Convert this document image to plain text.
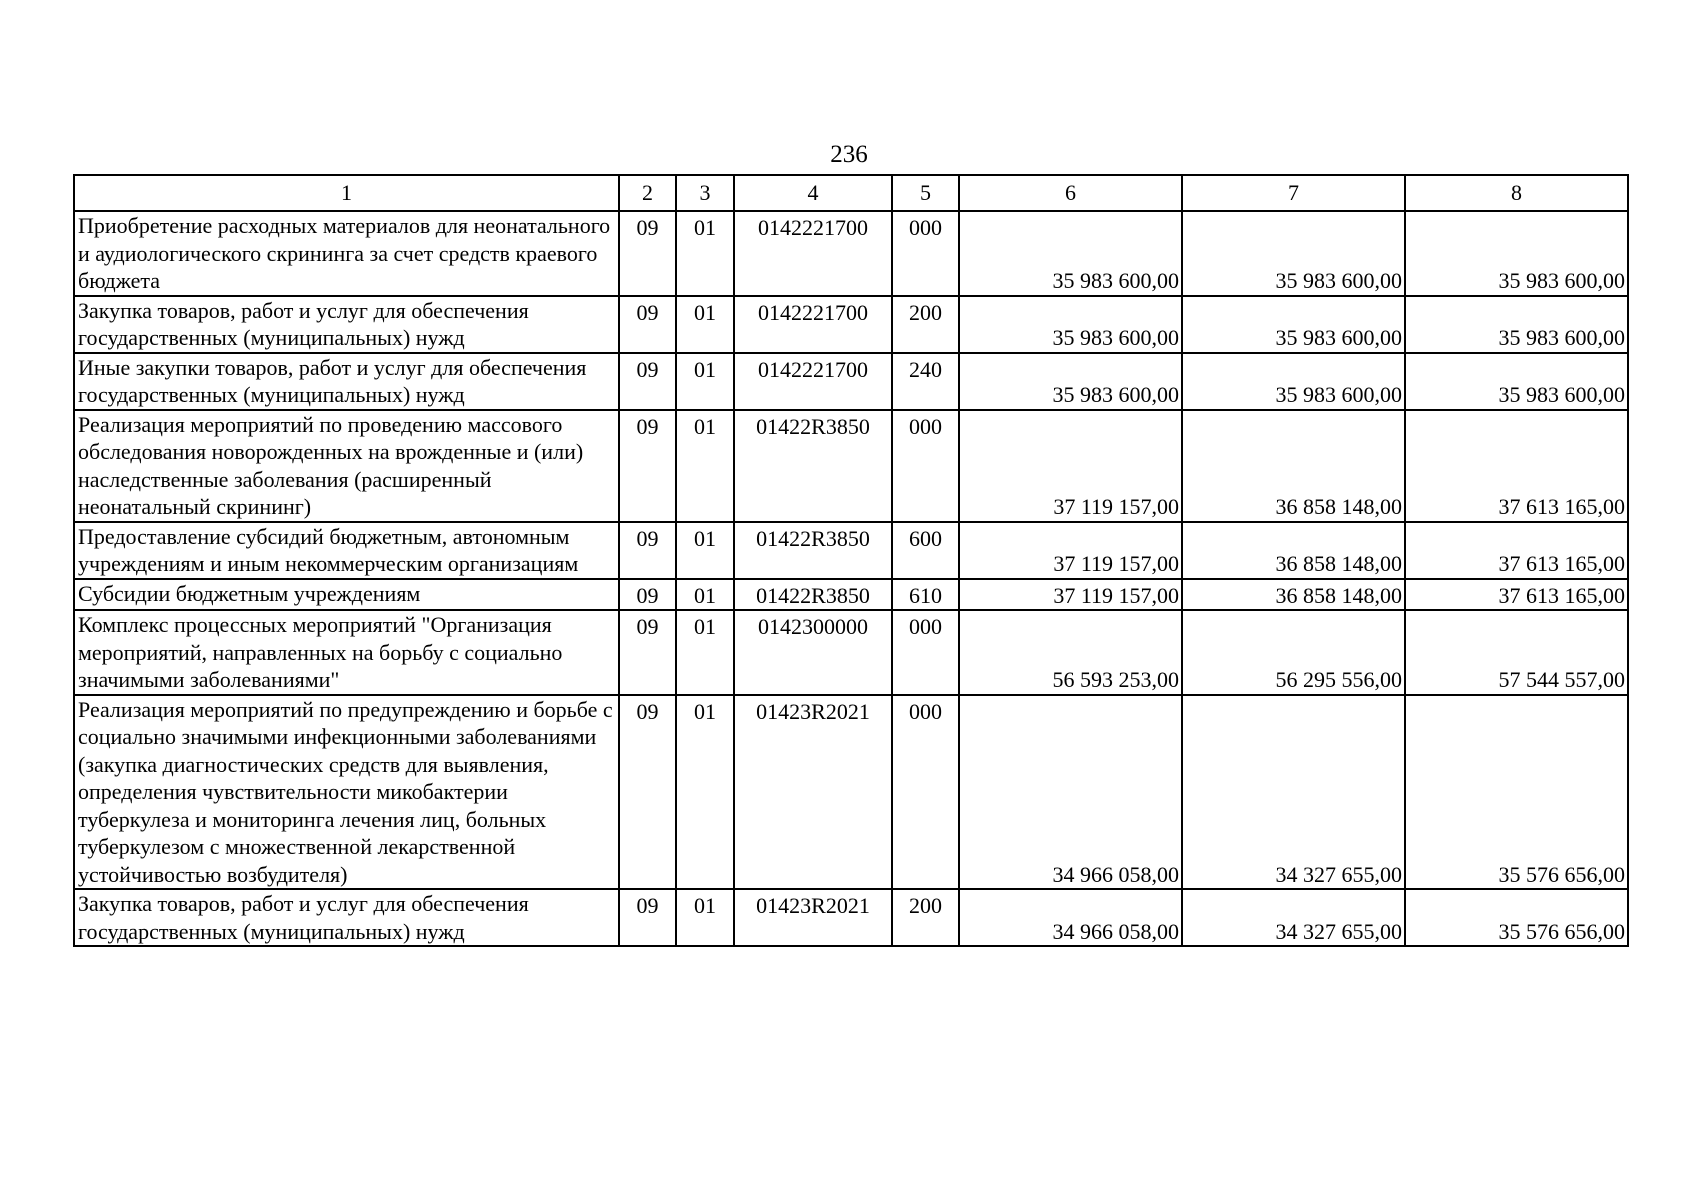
236
1	2	3	4	5	6	7	8
Приобретение расходных материалов для неонатального и аудиологического скрининга за счет средств краевого бюджета	09	01	0142221700	000	35 983 600,00	35 983 600,00	35 983 600,00
Закупка товаров, работ и услуг для обеспечения государственных (муниципальных) нужд	09	01	0142221700	200	35 983 600,00	35 983 600,00	35 983 600,00
Иные закупки товаров, работ и услуг для обеспечения государственных (муниципальных) нужд	09	01	0142221700	240	35 983 600,00	35 983 600,00	35 983 600,00
Реализация мероприятий по проведению массового обследования новорожденных на врожденные и (или) наследственные заболевания (расширенный неонатальный скрининг)	09	01	01422R3850	000	37 119 157,00	36 858 148,00	37 613 165,00
Предоставление субсидий бюджетным, автономным учреждениям и иным некоммерческим организациям	09	01	01422R3850	600	37 119 157,00	36 858 148,00	37 613 165,00
Субсидии бюджетным учреждениям	09	01	01422R3850	610	37 119 157,00	36 858 148,00	37 613 165,00
Комплекс процессных мероприятий "Организация мероприятий, направленных на борьбу с социально значимыми заболеваниями"	09	01	0142300000	000	56 593 253,00	56 295 556,00	57 544 557,00
Реализация мероприятий по предупреждению и борьбе с социально значимыми инфекционными заболеваниями (закупка диагностических средств для выявления, определения чувствительности микобактерии туберкулеза и мониторинга лечения лиц, больных туберкулезом с множественной лекарственной устойчивостью возбудителя)	09	01	01423R2021	000	34 966 058,00	34 327 655,00	35 576 656,00
Закупка товаров, работ и услуг для обеспечения государственных (муниципальных) нужд	09	01	01423R2021	200	34 966 058,00	34 327 655,00	35 576 656,00
